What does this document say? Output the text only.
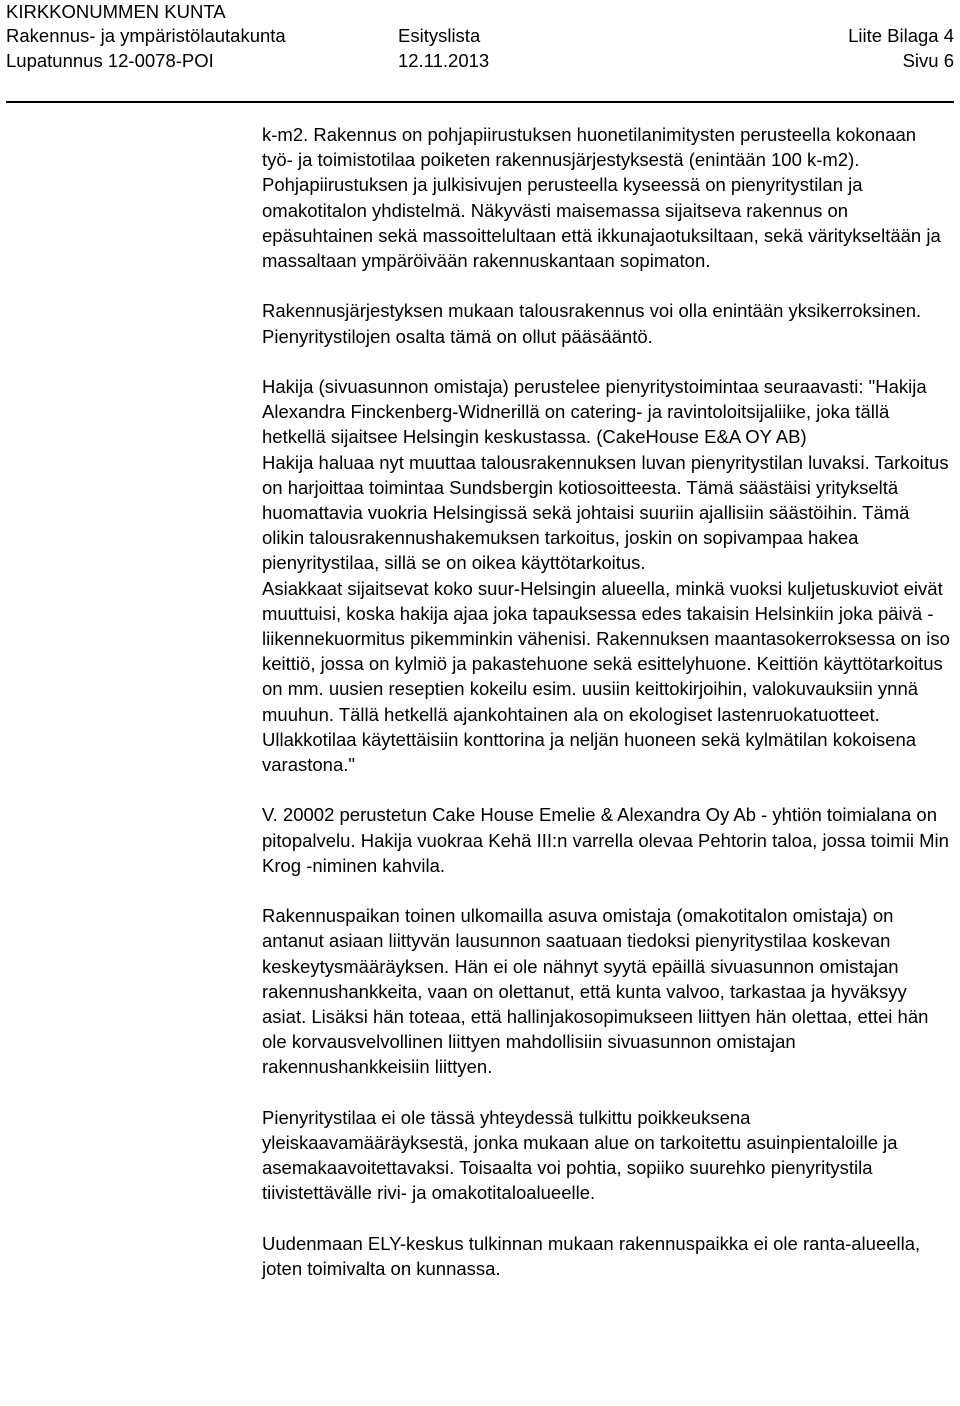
KIRKKONUMMEN KUNTA
Rakennus- ja ympäristölautakunta	Esityslista	Liite Bilaga 4
Lupatunnus 12-0078-POI	12.11.2013	Sivu 6

k-m2. Rakennus on pohjapiirustuksen huonetilanimitysten perusteella kokonaan työ- ja toimistotilaa poiketen rakennusjärjestyksestä (enintään 100 k-m2). Pohjapiirustuksen ja julkisivujen perusteella kyseessä on pienyritystilan ja omakotitalon yhdistelmä. Näkyvästi maisemassa sijaitseva rakennus on epäsuhtainen sekä massoittelultaan että ikkunajaotuksiltaan, sekä väritykseltään ja massaltaan ympäröivään rakennuskantaan sopimaton.

Rakennusjärjestyksen mukaan talousrakennus voi olla enintään yksikerroksinen. Pienyritystilojen osalta tämä on ollut pääsääntö.

Hakija (sivuasunnon omistaja) perustelee pienyritystoimintaa seuraavasti: "Hakija Alexandra Finckenberg-Widnerillä on catering- ja ravintoloitsijaliike, joka tällä hetkellä sijaitsee Helsingin keskustassa. (CakeHouse E&A OY AB)

Hakija haluaa nyt muuttaa talousrakennuksen luvan pienyritystilan luvaksi. Tarkoitus on harjoittaa toimintaa Sundsbergin kotiosoitteesta. Tämä säästäisi yritykseltä huomattavia vuokria Helsingissä sekä johtaisi suuriin ajallisiin säästöihin. Tämä olikin talousrakennushakemuksen tarkoitus, joskin on sopivampaa hakea pienyritystilaa, sillä se on oikea käyttötarkoitus.

Asiakkaat sijaitsevat koko suur-Helsingin alueella, minkä vuoksi kuljetuskuviot eivät muuttuisi, koska hakija ajaa joka tapauksessa edes takaisin Helsinkiin joka päivä - liikennekuormitus pikemminkin vähenisi. Rakennuksen maantasokerroksessa on iso keittiö, jossa on kylmiö ja pakastehuone sekä esittelyhuone. Keittiön käyttötarkoitus on mm. uusien reseptien kokeilu esim. uusiin keittokirjoihin, valokuvauksiin ynnä muuhun. Tällä hetkellä ajankohtainen ala on ekologiset lastenruokatuotteet. Ullakkotilaa käytettäisiin konttorina ja neljän huoneen sekä kylmätilan kokoisena varastona."

V. 20002 perustetun Cake House Emelie & Alexandra Oy Ab - yhtiön toimialana on pitopalvelu. Hakija vuokraa Kehä III:n varrella olevaa Pehtorin taloa, jossa toimii Min Krog -niminen kahvila.

Rakennuspaikan toinen ulkomailla asuva omistaja (omakotitalon omistaja) on antanut asiaan liittyvän lausunnon saatuaan tiedoksi pienyritystilaa koskevan keskeytysmääräyksen. Hän ei ole nähnyt syytä epäillä sivuasunnon omistajan rakennushankkeita, vaan on olettanut, että kunta valvoo, tarkastaa ja hyväksyy asiat. Lisäksi hän toteaa, että hallinjakosopimukseen liittyen hän olettaa, ettei hän ole korvausvelvollinen liittyen mahdollisiin sivuasunnon omistajan rakennushankkeisiin liittyen.

Pienyritystilaa ei ole tässä yhteydessä tulkittu poikkeuksena yleiskaavamääräyksestä, jonka mukaan alue on tarkoitettu asuinpientaloille ja asemakaavoitettavaksi. Toisaalta voi pohtia, sopiiko suurehko pienyritystila tiivistettävälle rivi- ja omakotitaloalueelle.

Uudenmaan ELY-keskus tulkinnan mukaan rakennuspaikka ei ole ranta-alueella, joten toimivalta on kunnassa.
